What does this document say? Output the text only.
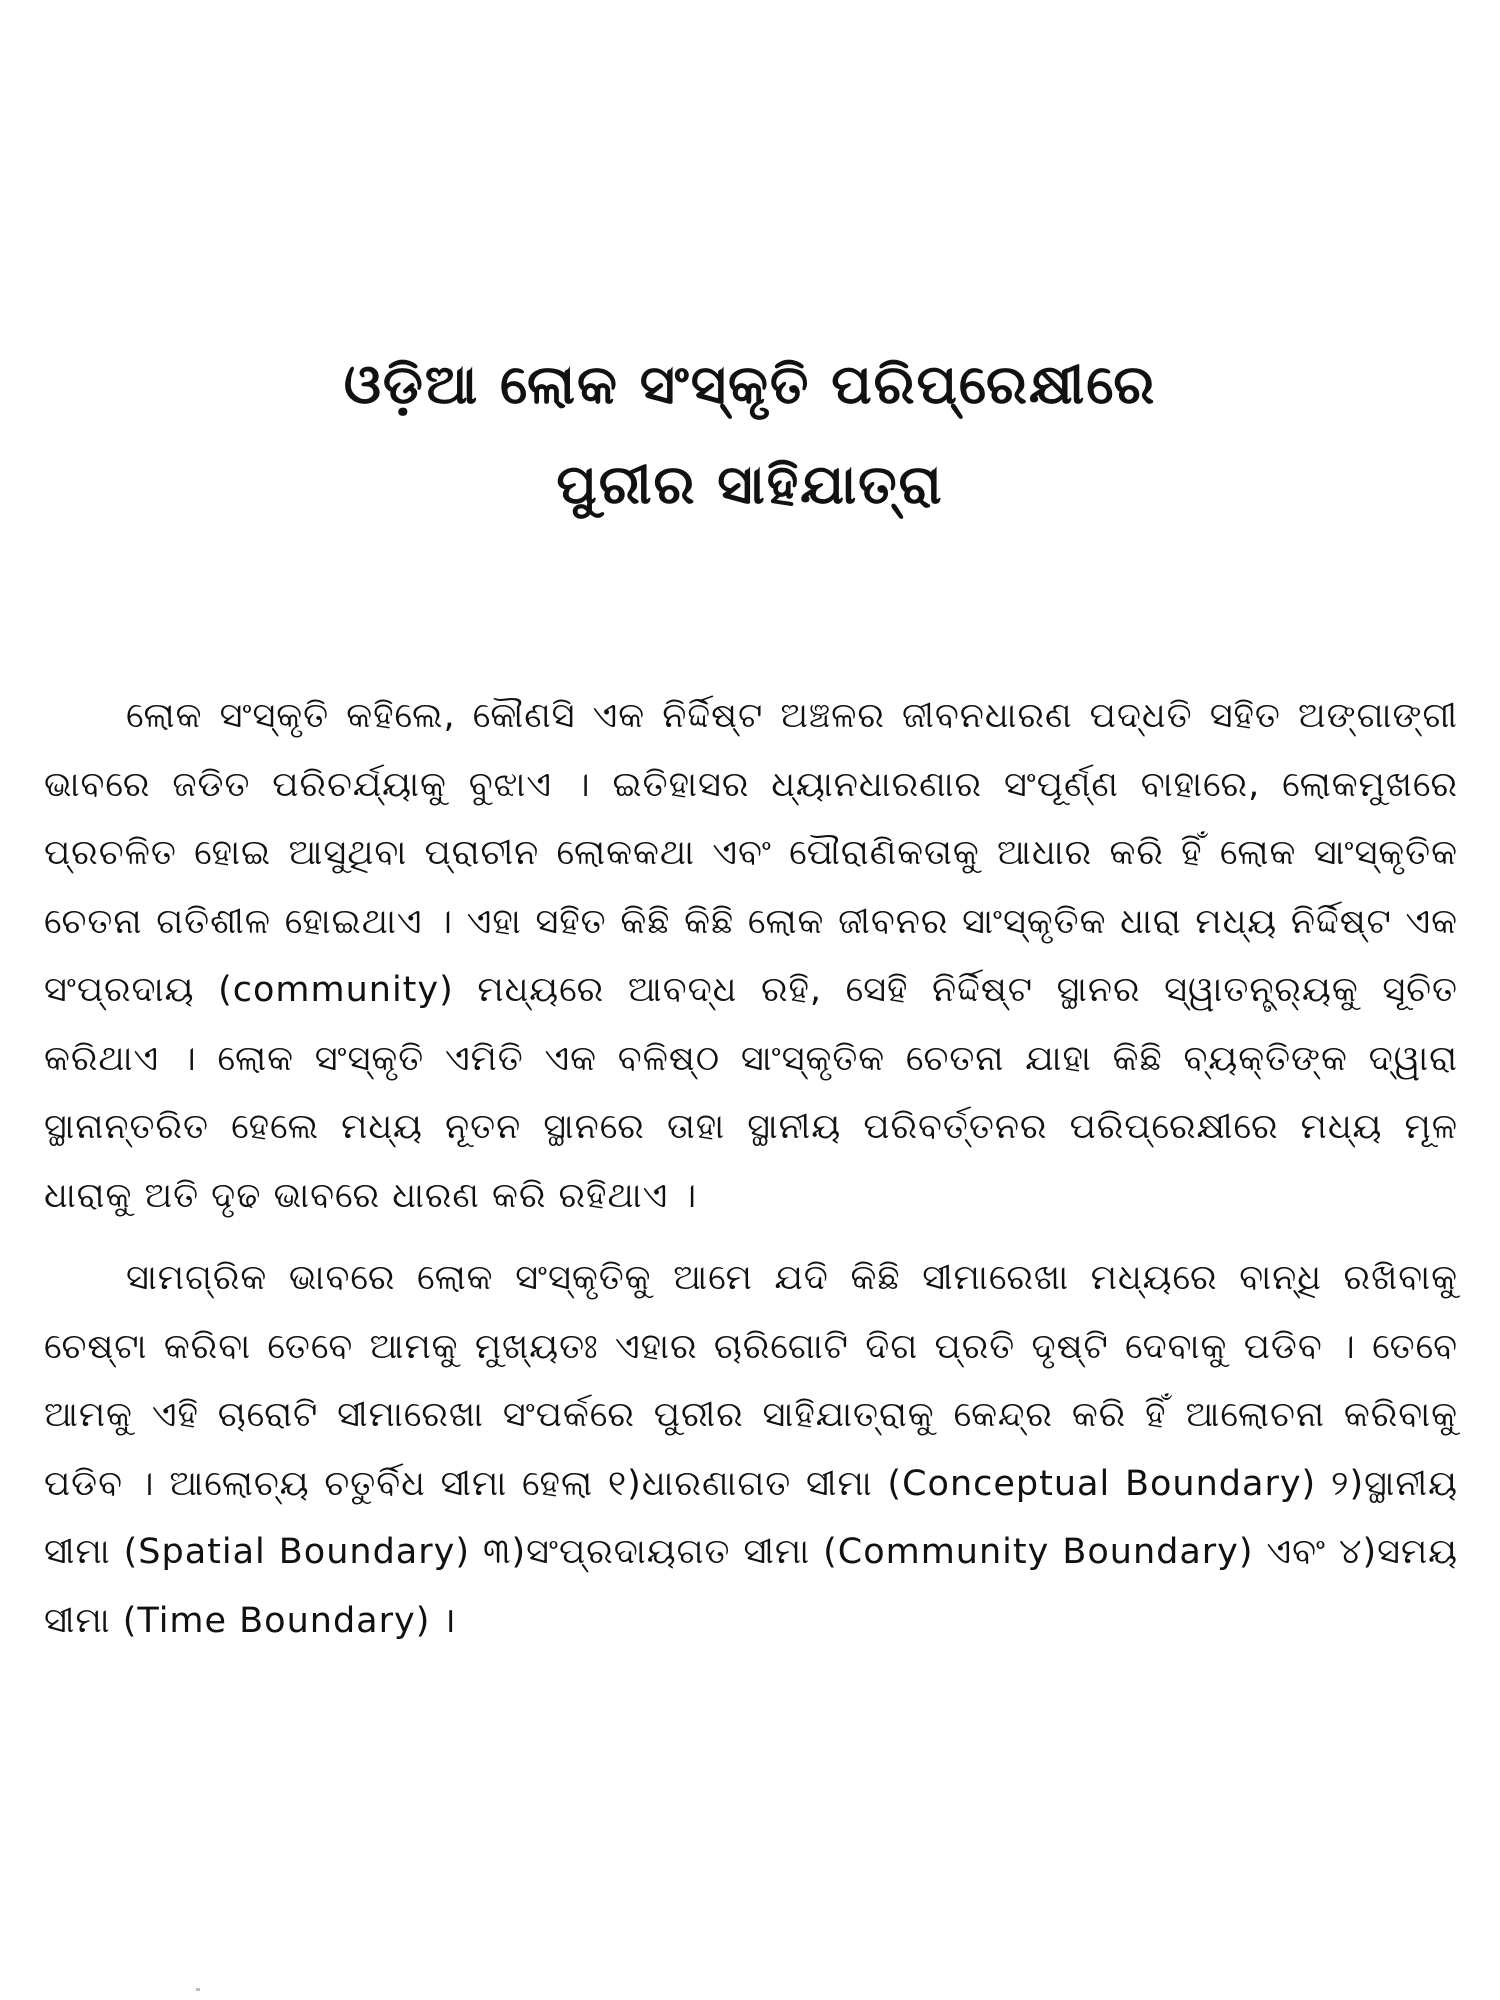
ଓଡ଼ିଆ ଲୋକ ସଂସ୍କୃତି ପରିପ୍ରେକ୍ଷୀରେ
ପୁରୀର ସାହିଯାତ୍ରା

ଲୋକ ସଂସ୍କୃତି କହିଲେ, କୌଣସି ଏକ ନିର୍ଦ୍ଦିଷ୍ଟ ଅଞ୍ଚଳର ଜୀବନଧାରଣ ପଦ୍ଧତି ସହିତ ଅଙ୍ଗାଙ୍ଗୀ ଭାବରେ ଜଡିତ ପରିଚର୍ଯ୍ୟାକୁ ବୁଝାଏ । ଇତିହାସର ଧ୍ୟାନଧାରଣାର ସଂପୂର୍ଣ୍ଣ ବାହାରେ, ଲୋକମୁଖରେ ପ୍ରଚଳିତ ହୋଇ ଆସୁଥିବା ପ୍ରାଚୀନ ଲୋକକଥା ଏବଂ ପୌରାଣିକତାକୁ ଆଧାର କରି ହିଁ ଲୋକ ସାଂସ୍କୃତିକ ଚେତନା ଗତିଶୀଳ ହୋଇଥାଏ । ଏହା ସହିତ କିଛି କିଛି ଲୋକ ଜୀବନର ସାଂସ୍କୃତିକ ଧାରା ମଧ୍ୟ ନିର୍ଦ୍ଦିଷ୍ଟ ଏକ ସଂପ୍ରଦାୟ (community) ମଧ୍ୟରେ ଆବଦ୍ଧ ରହି, ସେହି ନିର୍ଦ୍ଦିଷ୍ଟ ସ୍ଥାନର ସ୍ୱାତନ୍ତ୍ର୍ୟକୁ ସୂଚିତ କରିଥାଏ । ଲୋକ ସଂସ୍କୃତି ଏମିତି ଏକ ବଳିଷ୍ଠ ସାଂସ୍କୃତିକ ଚେତନା ଯାହା କିଛି ବ୍ୟକ୍ତିଙ୍କ ଦ୍ୱାରା ସ୍ଥାନାନ୍ତରିତ ହେଲେ ମଧ୍ୟ ନୂତନ ସ୍ଥାନରେ ତାହା ସ୍ଥାନୀୟ ପରିବର୍ତ୍ତନର ପରିପ୍ରେକ୍ଷୀରେ ମଧ୍ୟ ମୂଳ ଧାରାକୁ ଅତି ଦୃଢ ଭାବରେ ଧାରଣ କରି ରହିଥାଏ ।

ସାମଗ୍ରିକ ଭାବରେ ଲୋକ ସଂସ୍କୃତିକୁ ଆମେ ଯଦି କିଛି ସୀମାରେଖା ମଧ୍ୟରେ ବାନ୍ଧି ରଖିବାକୁ ଚେଷ୍ଟା କରିବା ତେବେ ଆମକୁ ମୁଖ୍ୟତଃ ଏହାର ଚାରିଗୋଟି ଦିଗ ପ୍ରତି ଦୃଷ୍ଟି ଦେବାକୁ ପଡିବ । ତେବେ ଆମକୁ ଏହି ଚାରୋଟି ସୀମାରେଖା ସଂପର୍କରେ ପୁରୀର ସାହିଯାତ୍ରାକୁ କେନ୍ଦ୍ର କରି ହିଁ ଆଲୋଚନା କରିବାକୁ ପଡିବ । ଆଲୋଚ୍ୟ ଚତୁର୍ବିଧ ସୀମା ହେଲା ୧)ଧାରଣାଗତ ସୀମା (Conceptual Boundary) ୨)ସ୍ଥାନୀୟ ସୀମା (Spatial Boundary) ୩)ସଂପ୍ରଦାୟଗତ ସୀମା (Community Boundary) ଏବଂ ୪)ସମୟ ସୀମା (Time Boundary) ।
